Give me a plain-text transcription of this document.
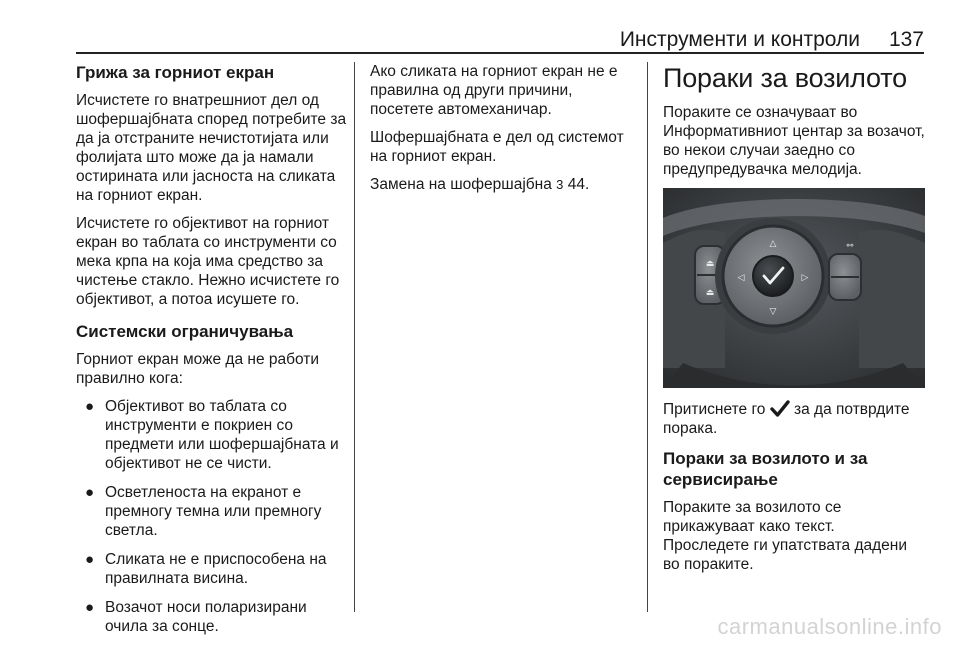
Инструменти и контроли 137
Грижа за горниот екран

Исчистете го внатрешниот дел од шофершајбната според потребите за да ја отстраните нечистотијата или фолијата што може да ја намали остирината или јасноста на сликата на горниот екран.

Исчистете го објективот на горниот екран во таблата со инструменти со мека крпа на која има средство за чистење стакло. Нежно исчистете го објективот, а потоа исушете го.

Системски ограничувања

Горниот екран може да не работи правилно кога:

● Објективот во таблата со инструменти е покриен со предмети или шофершајбната и објективот не се чисти.
● Осветленоста на екранот е премногу темна или премногу светла.
● Сликата не е приспособена на правилната висина.
● Возачот носи поларизирани очила за сонце.

Ако сликата на горниот екран не е правилна од други причини, посетете автомеханичар.

Шофершајбната е дел од системот на горниот екран.

Замена на шофершајбна 3 44.

Пораки за возилото

Пораките се означуваат во Информативниот центар за возачот, во некои случаи заедно со предупредувачка мелодија.

⏏
⏏
△
▽
◁	▷
⚯

Притиснете го за да потврдите порака.

Пораки за возилото и за сервисирање

Пораките за возилото се прикажуваат како текст.

Проследете ги упатствата дадени во пораките.

carmanualsonline.info
